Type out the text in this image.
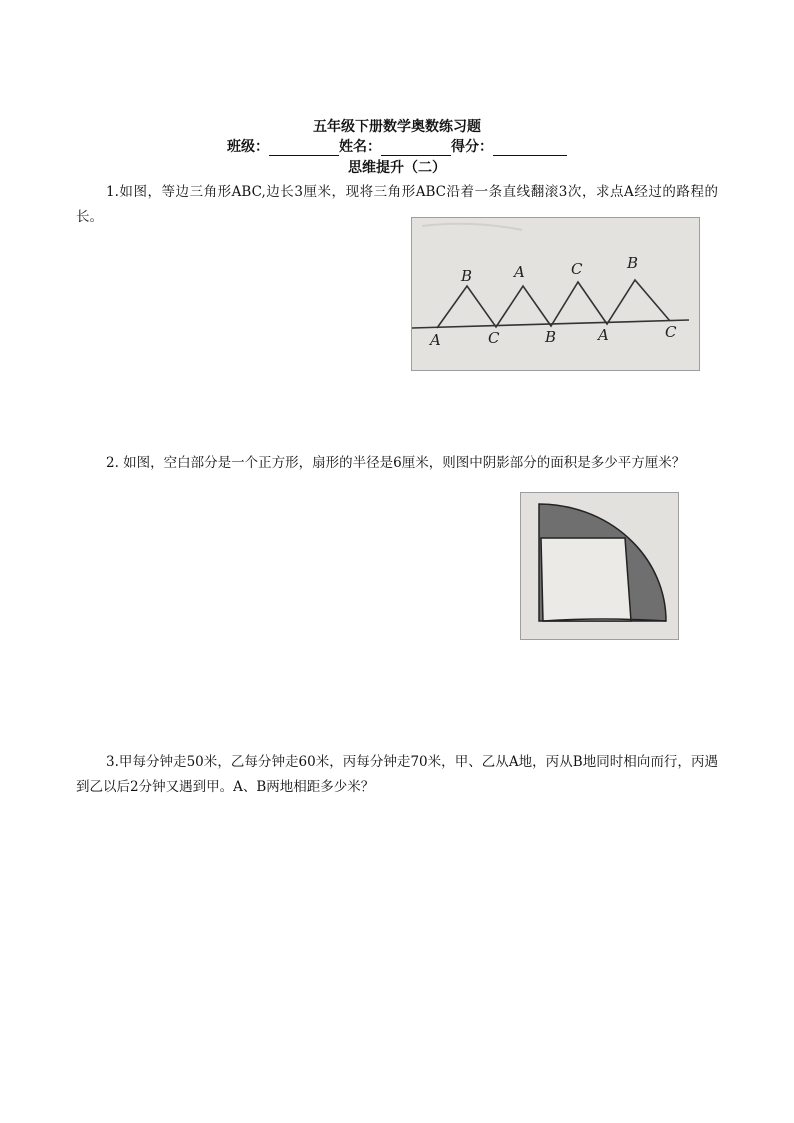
五年级下册数学奥数练习题
班级：	姓名：	得分：
思维提升（二）
1.如图，等边三角形ABC,边长3厘米，现将三角形ABC沿着一条直线翻滚3次，求点A经过的路程的长。
B	A	C	B
A	C	B	A	C
2. 如图，空白部分是一个正方形，扇形的半径是6厘米，则图中阴影部分的面积是多少平方厘米？
3.甲每分钟走50米，乙每分钟走60米，丙每分钟走70米，甲、乙从A地，丙从B地同时相向而行，丙遇到乙以后2分钟又遇到甲。A、B两地相距多少米？
